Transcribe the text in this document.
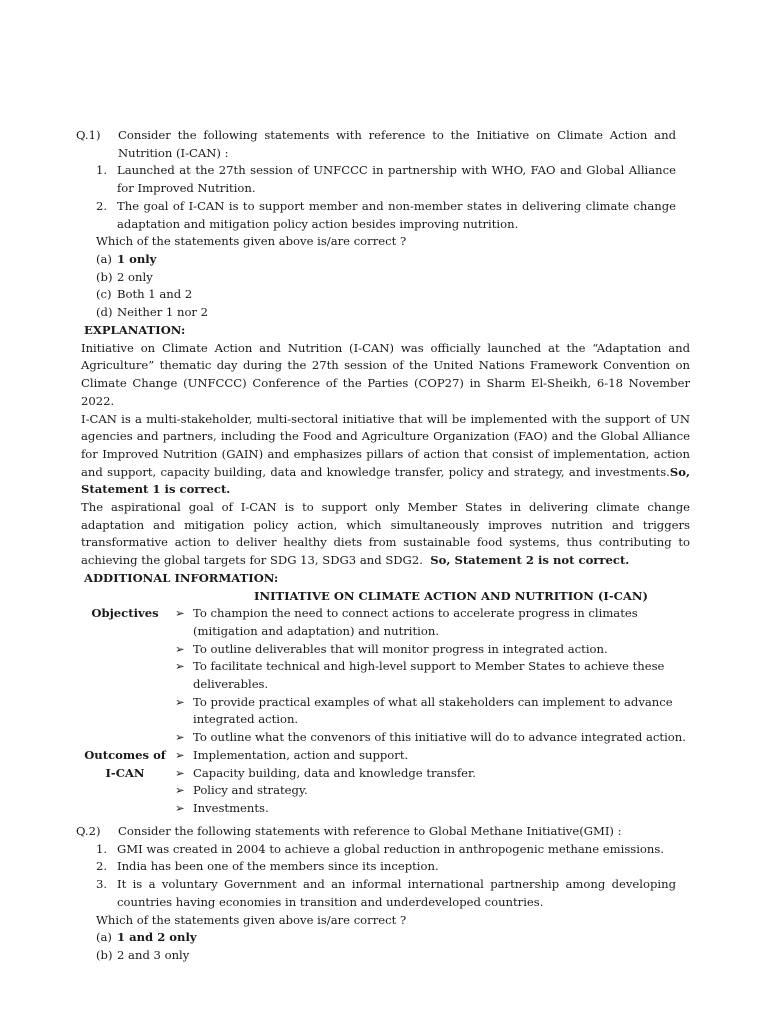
Q.1)	Consider the following statements with reference to the Initiative on Climate Action and Nutrition (I-CAN) :
1. Launched at the 27th session of UNFCCC in partnership with WHO, FAO and Global Alliance for Improved Nutrition.
2. The goal of I-CAN is to support member and non-member states in delivering climate change adaptation and mitigation policy action besides improving nutrition.
Which of the statements given above is/are correct ?
(a) 1 only
(b) 2 only
(c) Both 1 and 2
(d) Neither 1 nor 2
EXPLANATION:
Initiative on Climate Action and Nutrition (I-CAN) was officially launched at the “Adaptation and Agriculture” thematic day during the 27th session of the United Nations Framework Convention on Climate Change (UNFCCC) Conference of the Parties (COP27) in Sharm El-Sheikh, 6-18 November 2022.
I-CAN is a multi-stakeholder, multi-sectoral initiative that will be implemented with the support of UN agencies and partners, including the Food and Agriculture Organization (FAO) and the Global Alliance for Improved Nutrition (GAIN) and emphasizes pillars of action that consist of implementation, action and support, capacity building, data and knowledge transfer, policy and strategy, and investments.So, Statement 1 is correct.
The aspirational goal of I-CAN is to support only Member States in delivering climate change adaptation and mitigation policy action, which simultaneously improves nutrition and triggers transformative action to deliver healthy diets from sustainable food systems, thus contributing to achieving the global targets for SDG 13, SDG3 and SDG2. So, Statement 2 is not correct.
ADDITIONAL INFORMATION:
INITIATIVE ON CLIMATE ACTION AND NUTRITION (I-CAN)
Objectives	➢ To champion the need to connect actions to accelerate progress in climates (mitigation and adaptation) and nutrition.
➢ To outline deliverables that will monitor progress in integrated action.
➢ To facilitate technical and high-level support to Member States to achieve these deliverables.
➢ To provide practical examples of what all stakeholders can implement to advance integrated action.
➢ To outline what the convenors of this initiative will do to advance integrated action.
Outcomes of
I-CAN
➢ Implementation, action and support.
➢ Capacity building, data and knowledge transfer.
➢ Policy and strategy.
➢ Investments.
Q.2)	Consider the following statements with reference to Global Methane Initiative(GMI) :
1. GMI was created in 2004 to achieve a global reduction in anthropogenic methane emissions.
2. India has been one of the members since its inception.
3. It is a voluntary Government and an informal international partnership among developing countries having economies in transition and underdeveloped countries.
Which of the statements given above is/are correct ?
(a) 1 and 2 only
(b) 2 and 3 only
